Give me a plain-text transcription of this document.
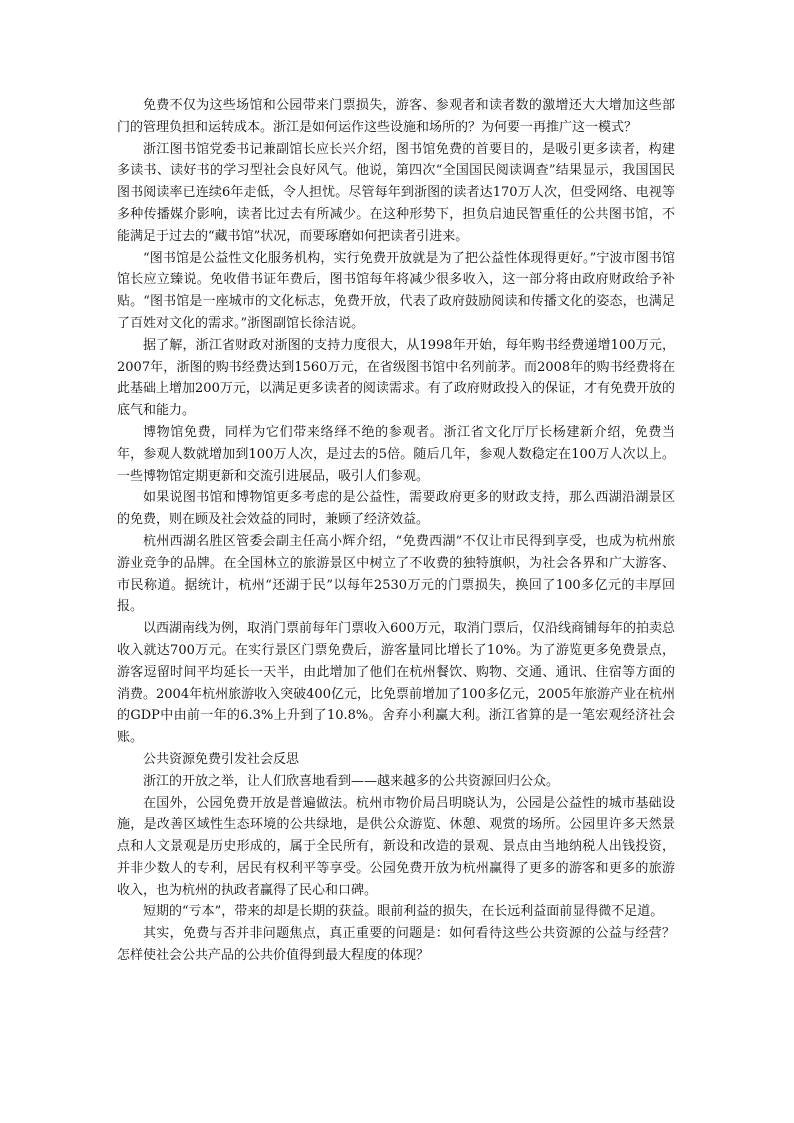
免费不仅为这些场馆和公园带来门票损失，游客、参观者和读者数的激增还大大增加这些部门的管理负担和运转成本。浙江是如何运作这些设施和场所的？为何要一再推广这一模式？

浙江图书馆党委书记兼副馆长应长兴介绍，图书馆免费的首要目的，是吸引更多读者，构建多读书、读好书的学习型社会良好风气。他说，第四次“全国国民阅读调查”结果显示，我国国民图书阅读率已连续6年走低，令人担忧。尽管每年到浙图的读者达170万人次，但受网络、电视等多种传播媒介影响，读者比过去有所减少。在这种形势下，担负启迪民智重任的公共图书馆，不能满足于过去的“藏书馆”状况，而要琢磨如何把读者引进来。

“图书馆是公益性文化服务机构，实行免费开放就是为了把公益性体现得更好。”宁波市图书馆馆长应立臻说。免收借书证年费后，图书馆每年将减少很多收入，这一部分将由政府财政给予补贴。“图书馆是一座城市的文化标志，免费开放，代表了政府鼓励阅读和传播文化的姿态，也满足了百姓对文化的需求。”浙图副馆长徐洁说。

据了解，浙江省财政对浙图的支持力度很大，从1998年开始，每年购书经费递增100万元，2007年，浙图的购书经费达到1560万元，在省级图书馆中名列前茅。而2008年的购书经费将在此基础上增加200万元，以满足更多读者的阅读需求。有了政府财政投入的保证，才有免费开放的底气和能力。

博物馆免费，同样为它们带来络绎不绝的参观者。浙江省文化厅厅长杨建新介绍，免费当年，参观人数就增加到100万人次，是过去的5倍。随后几年，参观人数稳定在100万人次以上。一些博物馆定期更新和交流引进展品，吸引人们参观。

如果说图书馆和博物馆更多考虑的是公益性，需要政府更多的财政支持，那么西湖沿湖景区的免费，则在顾及社会效益的同时，兼顾了经济效益。

杭州西湖名胜区管委会副主任高小辉介绍，“免费西湖”不仅让市民得到享受，也成为杭州旅游业竞争的品牌。在全国林立的旅游景区中树立了不收费的独特旗帜，为社会各界和广大游客、市民称道。据统计，杭州“还湖于民”以每年2530万元的门票损失，换回了100多亿元的丰厚回报。

以西湖南线为例，取消门票前每年门票收入600万元，取消门票后，仅沿线商铺每年的拍卖总收入就达700万元。在实行景区门票免费后，游客量同比增长了10%。为了游览更多免费景点，游客逗留时间平均延长一天半，由此增加了他们在杭州餐饮、购物、交通、通讯、住宿等方面的消费。2004年杭州旅游收入突破400亿元，比免票前增加了100多亿元，2005年旅游产业在杭州的GDP中由前一年的6.3%上升到了10.8%。舍弃小利赢大利。浙江省算的是一笔宏观经济社会账。

公共资源免费引发社会反思

浙江的开放之举，让人们欣喜地看到——越来越多的公共资源回归公众。

在国外，公园免费开放是普遍做法。杭州市物价局吕明晓认为，公园是公益性的城市基础设施，是改善区域性生态环境的公共绿地，是供公众游览、休憩、观赏的场所。公园里许多天然景点和人文景观是历史形成的，属于全民所有，新设和改造的景观、景点由当地纳税人出钱投资，并非少数人的专利，居民有权利平等享受。公园免费开放为杭州赢得了更多的游客和更多的旅游收入，也为杭州的执政者赢得了民心和口碑。

短期的“亏本”，带来的却是长期的获益。眼前利益的损失，在长远利益面前显得微不足道。

其实，免费与否并非问题焦点，真正重要的问题是：如何看待这些公共资源的公益与经营？怎样使社会公共产品的公共价值得到最大程度的体现？
